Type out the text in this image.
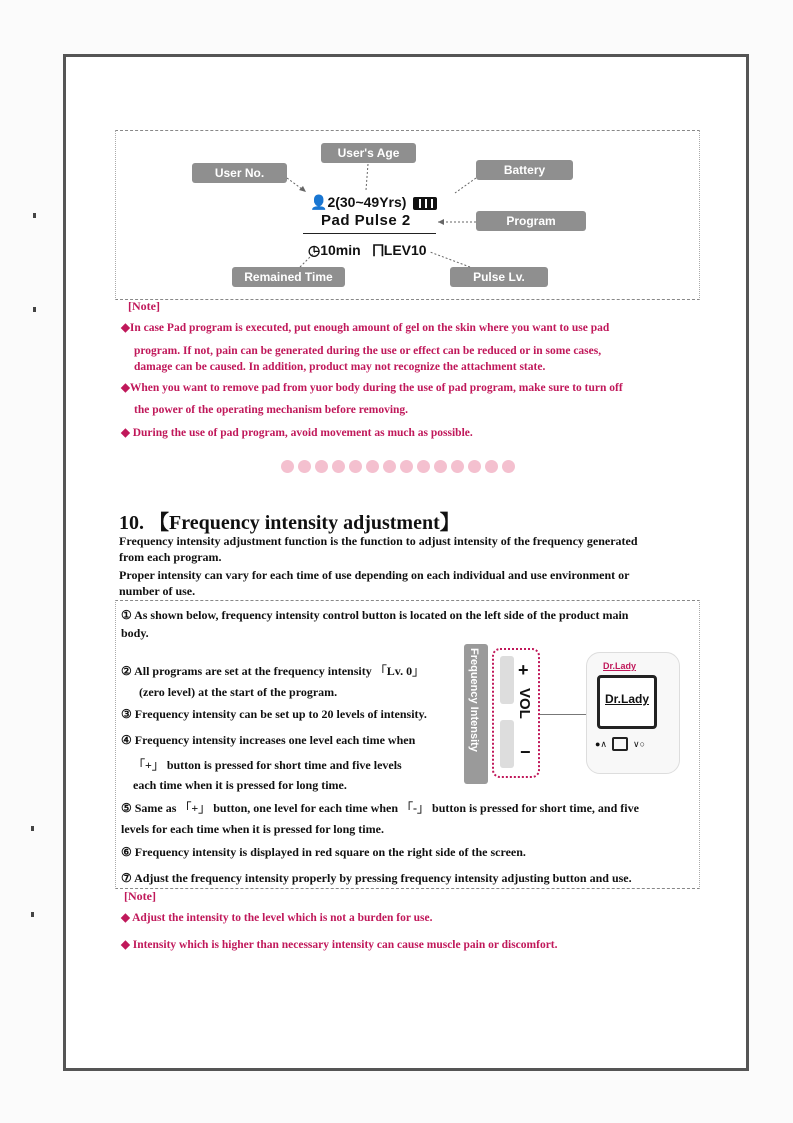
User's Age
User No.	Battery
Program
Remained Time	Pulse Lv.
👤2(30~49Yrs)
Pad Pulse 2
◷10min ⨅LEV10
[Note]
◆In case Pad program is executed, put enough amount of gel on the skin where you want to use pad
program. If not, pain can be generated during the use or effect can be reduced or in some cases,
damage can be caused. In addition, product may not recognize the attachment state.
◆When you want to remove pad from yuor body during the use of pad program, make sure to turn off
the power of the operating mechanism before removing.
◆ During the use of pad program, avoid movement as much as possible.
10. 【Frequency intensity adjustment】
Frequency intensity adjustment function is the function to adjust intensity of the frequency generated
from each program.
Proper intensity can vary for each time of use depending on each individual and use environment or
number of use.
① As shown below, frequency intensity control button is located on the left side of the product main
body.
② All programs are set at the frequency intensity 「Lv. 0」
(zero level) at the start of the program.
③ Frequency intensity can be set up to 20 levels of intensity.
④ Frequency intensity increases one level each time when
「+」 button is pressed for short time and five levels
each time when it is pressed for long time.
⑤ Same as 「+」 button, one level for each time when 「-」 button is pressed for short time, and five
levels for each time when it is pressed for long time.
⑥ Frequency intensity is displayed in red square on the right side of the screen.
⑦ Adjust the frequency intensity properly by pressing frequency intensity adjusting button and use.
Frequency Intensity +
VOL
−
Dr.Lady
Dr.Lady
●∧	∨○
[Note]
◆ Adjust the intensity to the level which is not a burden for use.
◆ Intensity which is higher than necessary intensity can cause muscle pain or discomfort.
